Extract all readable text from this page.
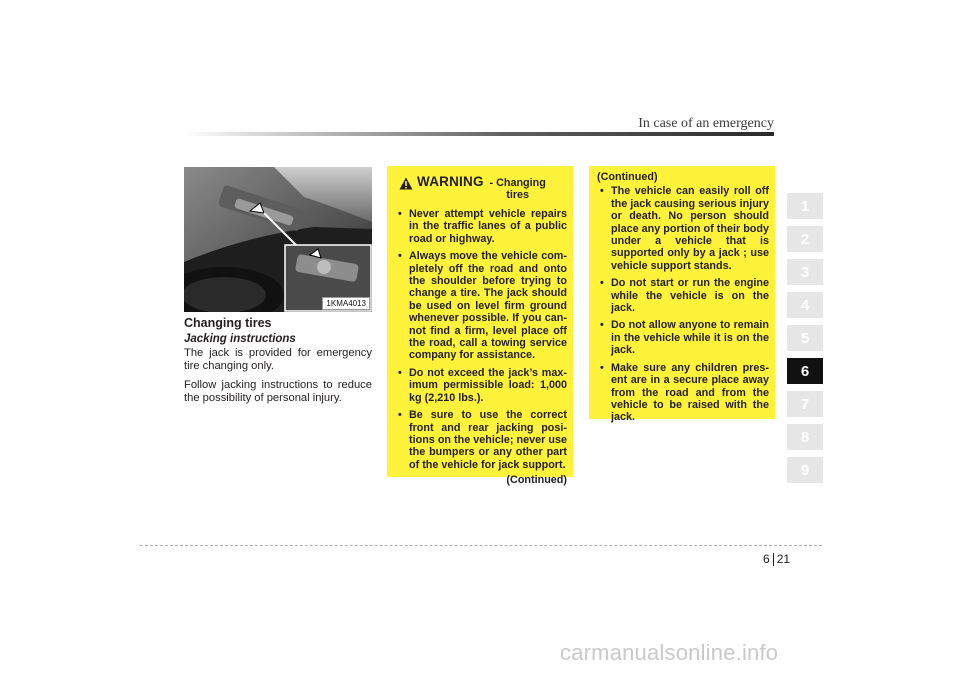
In case of an emergency
1
2
3
4
5
6
7
8
9
1KMA4013
Changing tires
Jacking instructions

The jack is provided for emergency tire changing only.

Follow jacking instructions to reduce the possibility of personal injury.

WARNING - Changing tires
• Never attempt vehicle repairs in the traffic lanes of a public road or highway.
• Always move the vehicle com-pletely off the road and onto the shoulder before trying to change a tire. The jack should be used on level firm ground whenever possible. If you can-not find a firm, level place off the road, call a towing service company for assistance.
• Do not exceed the jack’s max-imum permissible load: 1,000 kg (2,210 lbs.).
• Be sure to use the correct front and rear jacking posi-tions on the vehicle; never use the bumpers or any other part of the vehicle for jack support.
(Continued)
(Continued)
• The vehicle can easily roll off the jack causing serious injury or death. No person should place any portion of their body under a vehicle that is supported only by a jack ; use vehicle support stands.
• Do not start or run the engine while the vehicle is on the jack.
• Do not allow anyone to remain in the vehicle while it is on the jack.
• Make sure any children pres-ent are in a secure place away from the road and from the vehicle to be raised with the jack.
6 21
carmanualsonline.info
